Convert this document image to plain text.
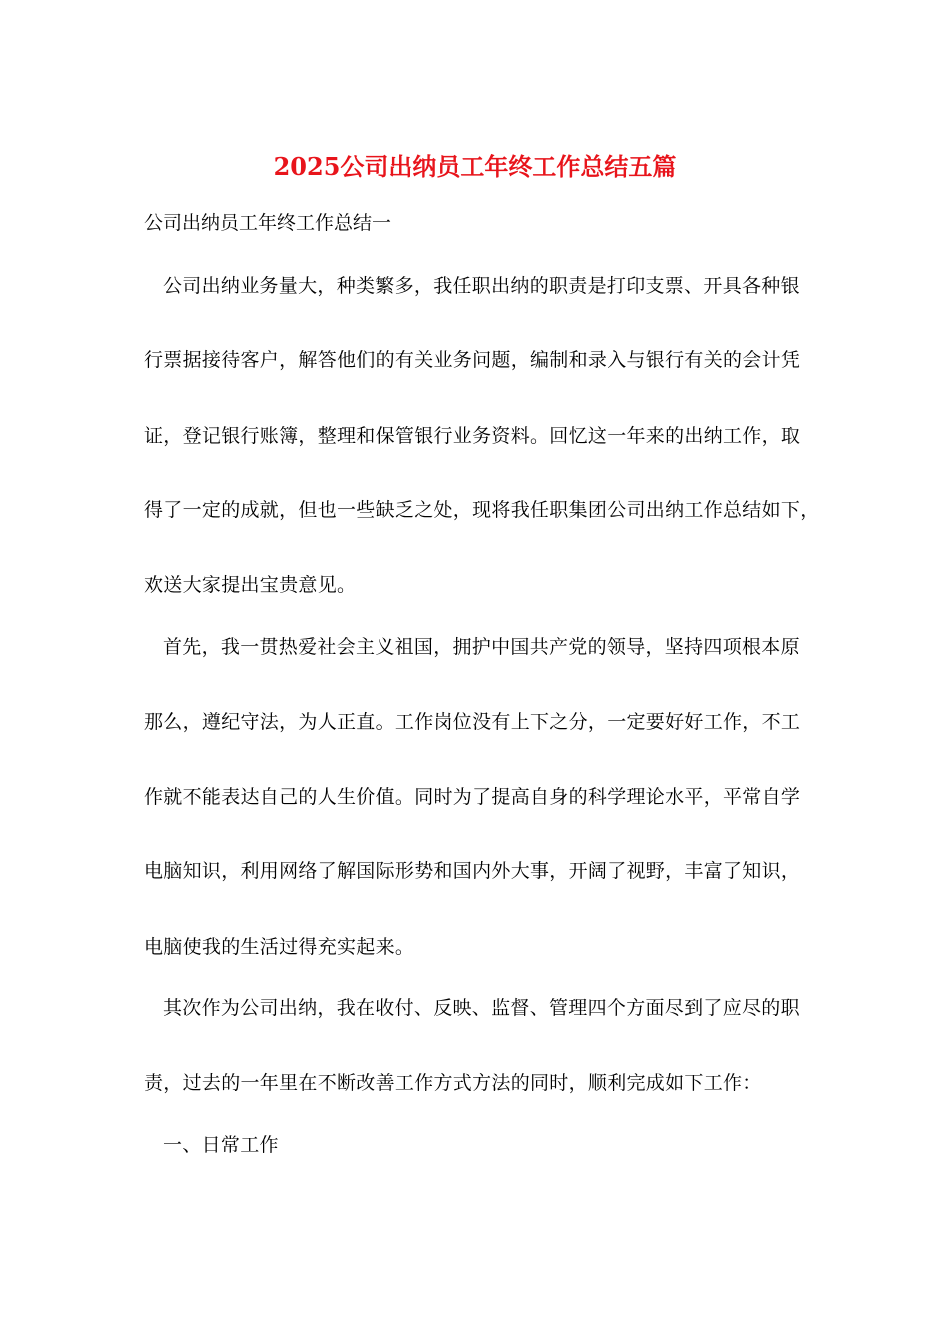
2025公司出纳员工年终工作总结五篇
公司出纳员工年终工作总结一
公司出纳业务量大，种类繁多，我任职出纳的职责是打印支票、开具各种银
行票据接待客户，解答他们的有关业务问题，编制和录入与银行有关的会计凭
证，登记银行账簿，整理和保管银行业务资料。回忆这一年来的出纳工作，取
得了一定的成就，但也一些缺乏之处，现将我任职集团公司出纳工作总结如下，
欢送大家提出宝贵意见。
首先，我一贯热爱社会主义祖国，拥护中国共产党的领导，坚持四项根本原
那么，遵纪守法，为人正直。工作岗位没有上下之分，一定要好好工作，不工
作就不能表达自己的人生价值。同时为了提高自身的科学理论水平，平常自学
电脑知识，利用网络了解国际形势和国内外大事，开阔了视野，丰富了知识，
电脑使我的生活过得充实起来。
其次作为公司出纳，我在收付、反映、监督、管理四个方面尽到了应尽的职
责，过去的一年里在不断改善工作方式方法的同时，顺利完成如下工作：
一、日常工作
